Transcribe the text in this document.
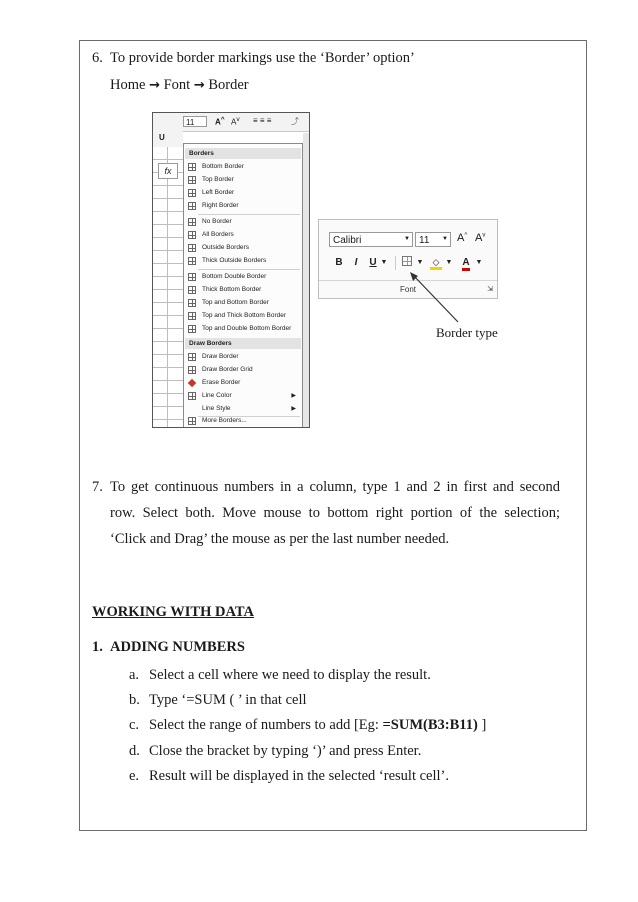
6. To provide border markings use the ‘Border’ option’
Home → Font → Border
11	A^ $A^v$ ≡ ≡ ≡ ⤴
U
fx
Borders
Bottom Border
Top Border
Left Border
Right Border
No Border
All Borders
Outside Borders
Thick Outside Borders
Bottom Double Border
Thick Bottom Border
Top and Bottom Border
Top and Thick Bottom Border
Top and Double Bottom Border
Draw Borders
Draw Border
Draw Border Grid
Erase Border
Line Color	▶
Line Style	▶
More Borders...
Calibri	▼ 11	▼ A^ $A^v$
B	I	U ▼	▼	◇ ▼ A ▼
Font	⇲
Border type
7. To get continuous numbers in a column, type 1 and 2 in first and second
row. Select both. Move mouse to bottom right portion of the selection;
‘Click and Drag’ the mouse as per the last number needed.
WORKING WITH DATA
1. ADDING NUMBERS
a. Select a cell where we need to display the result.
b. Type ‘=SUM ( ’ in that cell
c. Select the range of numbers to add [Eg: =SUM(B3:B11) ]
d. Close the bracket by typing ‘)’ and press Enter.
e. Result will be displayed in the selected ‘result cell’.
